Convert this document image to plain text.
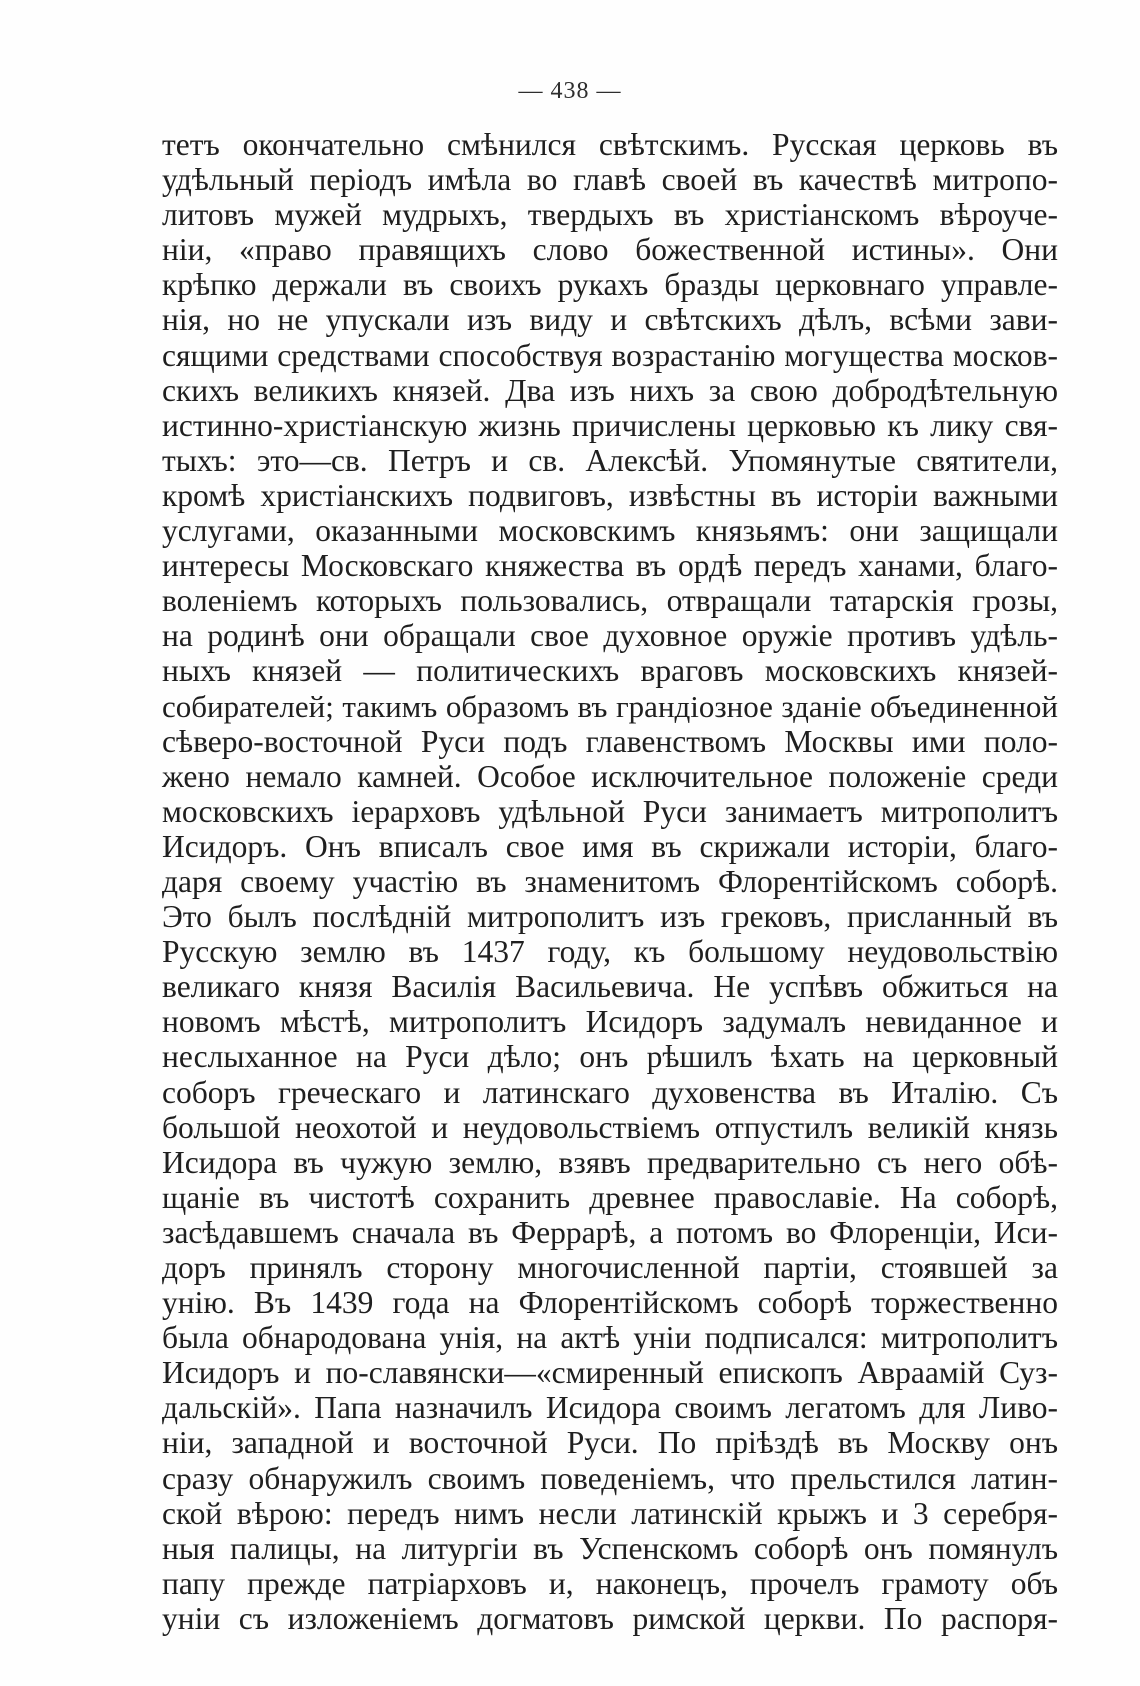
— 438 —
тетъ окончательно смѣнился свѣтскимъ. Русская церковь въ
удѣльный періодъ имѣла во главѣ своей въ качествѣ митропо-
литовъ мужей мудрыхъ, твердыхъ въ христіанскомъ вѣроуче-
ніи, «право правящихъ слово божественной истины». Они
крѣпко держали въ своихъ рукахъ бразды церковнаго управле-
нія, но не упускали изъ виду и свѣтскихъ дѣлъ, всѣми зави-
сящими средствами способствуя возрастанію могущества москов-
скихъ великихъ князей. Два изъ нихъ за свою добродѣтельную
истинно-христіанскую жизнь причислены церковью къ лику свя-
тыхъ: это—св. Петръ и св. Алексѣй. Упомянутые святители,
кромѣ христіанскихъ подвиговъ, извѣстны въ исторіи важными
услугами, оказанными московскимъ князьямъ: они защищали
интересы Московскаго княжества въ ордѣ передъ ханами, благо-
воленіемъ которыхъ пользовались, отвращали татарскія грозы,
на родинѣ они обращали свое духовное оружіе противъ удѣль-
ныхъ князей — политическихъ враговъ московскихъ князей-
собирателей; такимъ образомъ въ грандіозное зданіе объединенной
сѣверо-восточной Руси подъ главенствомъ Москвы ими поло-
жено немало камней. Особое исключительное положеніе среди
московскихъ іерарховъ удѣльной Руси занимаетъ митрополитъ
Исидоръ. Онъ вписалъ свое имя въ скрижали исторіи, благо-
даря своему участію въ знаменитомъ Флорентійскомъ соборѣ.
Это былъ послѣдній митрополитъ изъ грековъ, присланный въ
Русскую землю въ 1437 году, къ большому неудовольствію
великаго князя Василія Васильевича. Не успѣвъ обжиться на
новомъ мѣстѣ, митрополитъ Исидоръ задумалъ невиданное и
неслыханное на Руси дѣло; онъ рѣшилъ ѣхать на церковный
соборъ греческаго и латинскаго духовенства въ Италію. Съ
большой неохотой и неудовольствіемъ отпустилъ великій князь
Исидора въ чужую землю, взявъ предварительно съ него обѣ-
щаніе въ чистотѣ сохранить древнее православіе. На соборѣ,
засѣдавшемъ сначала въ Феррарѣ, а потомъ во Флоренціи, Иси-
доръ принялъ сторону многочисленной партіи, стоявшей за
унію. Въ 1439 года на Флорентійскомъ соборѣ торжественно
была обнародована унія, на актѣ уніи подписался: митрополитъ
Исидоръ и по-славянски—«смиренный епископъ Авраамій Суз-
дальскій». Папа назначилъ Исидора своимъ легатомъ для Ливо-
ніи, западной и восточной Руси. По пріѣздѣ въ Москву онъ
сразу обнаружилъ своимъ поведеніемъ, что прельстился латин-
ской вѣрою: передъ нимъ несли латинскій крыжъ и 3 серебря-
ныя палицы, на литургіи въ Успенскомъ соборѣ онъ помянулъ
папу прежде патріарховъ и, наконецъ, прочелъ грамоту объ
уніи съ изложеніемъ догматовъ римской церкви. По распоря-
